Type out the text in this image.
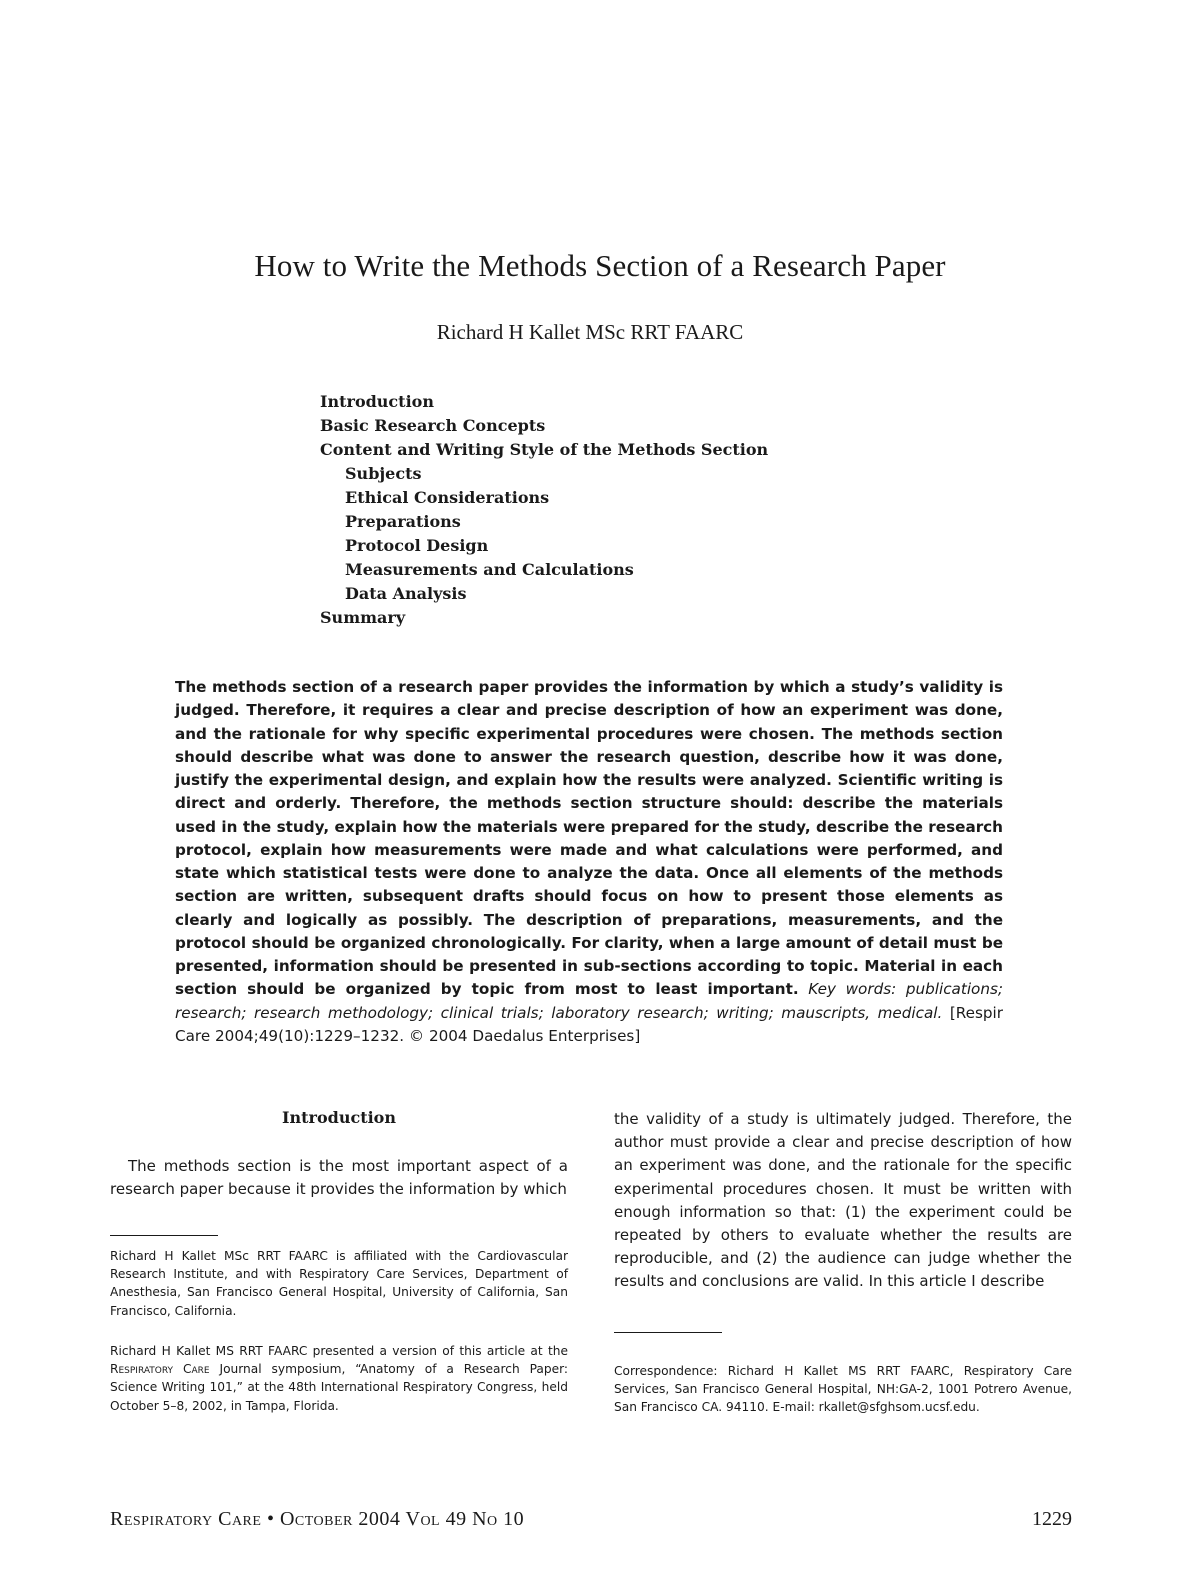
How to Write the Methods Section of a Research Paper
Richard H Kallet MSc RRT FAARC
Introduction
Basic Research Concepts
Content and Writing Style of the Methods Section
Subjects
Ethical Considerations
Preparations
Protocol Design
Measurements and Calculations
Data Analysis
Summary
The methods section of a research paper provides the information by which a study’s validity is judged. Therefore, it requires a clear and precise description of how an experiment was done, and the rationale for why specific experimental procedures were chosen. The methods section should describe what was done to answer the research question, describe how it was done, justify the experimental design, and explain how the results were analyzed. Scientific writing is direct and orderly. Therefore, the methods section structure should: describe the materials used in the study, explain how the materials were prepared for the study, describe the research protocol, explain how measurements were made and what calculations were performed, and state which statistical tests were done to analyze the data. Once all elements of the methods section are written, subsequent drafts should focus on how to present those elements as clearly and logically as possibly. The description of preparations, measurements, and the protocol should be organized chronologically. For clarity, when a large amount of detail must be presented, information should be presented in sub-sections according to topic. Material in each section should be organized by topic from most to least important. Key words: publications; research; research methodology; clinical trials; laboratory research; writing; mauscripts, medical. [Respir Care 2004;49(10):1229–1232. © 2004 Daedalus Enterprises]
Introduction
The methods section is the most important aspect of a research paper because it provides the information by which
the validity of a study is ultimately judged. Therefore, the author must provide a clear and precise description of how an experiment was done, and the rationale for the specific experimental procedures chosen. It must be written with enough information so that: (1) the experiment could be repeated by others to evaluate whether the results are reproducible, and (2) the audience can judge whether the results and conclusions are valid. In this article I describe
Richard H Kallet MSc RRT FAARC is affiliated with the Cardiovascular Research Institute, and with Respiratory Care Services, Department of Anesthesia, San Francisco General Hospital, University of California, San Francisco, California.
Richard H Kallet MS RRT FAARC presented a version of this article at the Respiratory Care Journal symposium, “Anatomy of a Research Paper: Science Writing 101,” at the 48th International Respiratory Congress, held October 5–8, 2002, in Tampa, Florida.
Correspondence: Richard H Kallet MS RRT FAARC, Respiratory Care Services, San Francisco General Hospital, NH:GA-2, 1001 Potrero Avenue, San Francisco CA. 94110. E-mail: rkallet@sfghsom.ucsf.edu.
Respiratory Care • October 2004 Vol 49 No 10	1229
